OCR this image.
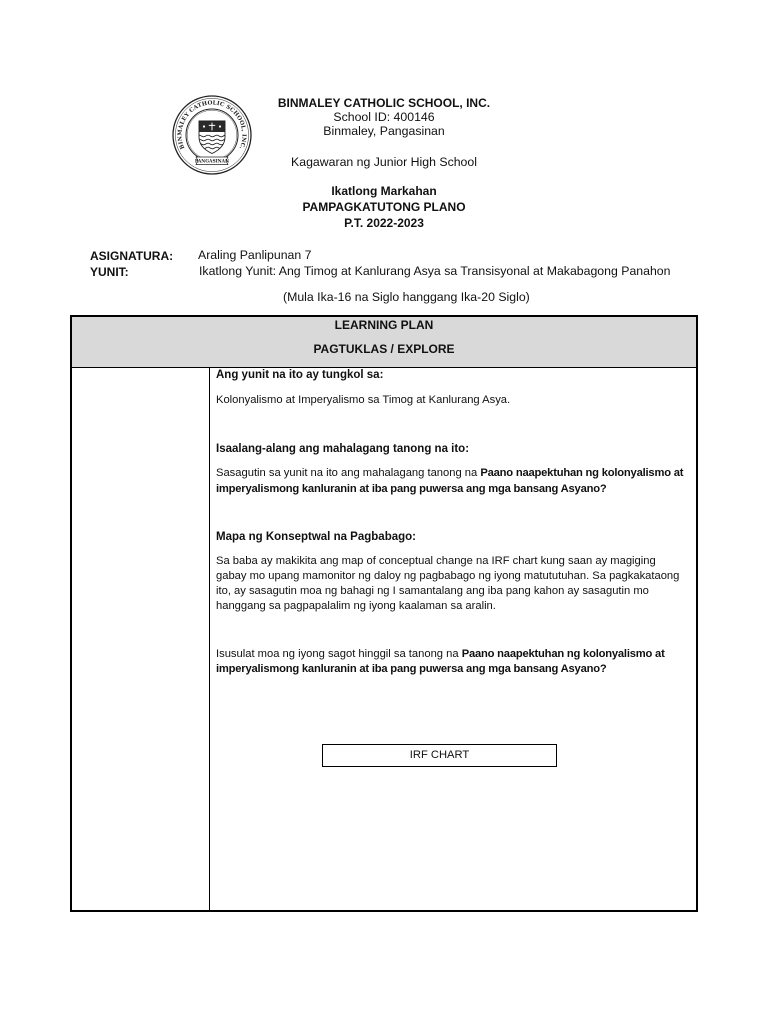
BINMALEY CATHOLIC SCHOOL, INC.
PANGASINAN
BINMALEY CATHOLIC SCHOOL, INC.
School ID: 400146
Binmaley, Pangasinan
Kagawaran ng Junior High School
Ikatlong Markahan
PAMPAGKATUTONG PLANO
P.T. 2022-2023
ASIGNATURA: Araling Panlipunan 7
YUNIT:	Ikatlong Yunit: Ang Timog at Kanlurang Asya sa Transisyonal at Makabagong Panahon
(Mula Ika-16 na Siglo hanggang Ika-20 Siglo)
LEARNING PLAN
PAGTUKLAS / EXPLORE
Ang yunit na ito ay tungkol sa:
Kolonyalismo at Imperyalismo sa Timog at Kanlurang Asya.
Isaalang-alang ang mahalagang tanong na ito:
Sasagutin sa yunit na ito ang mahalagang tanong na Paano naapektuhan ng kolonyalismo at imperyalismong kanluranin at iba pang puwersa ang mga bansang Asyano?
Mapa ng Konseptwal na Pagbabago:
Sa baba ay makikita ang map of conceptual change na IRF chart kung saan ay magiging gabay mo upang mamonitor ng daloy ng pagbabago ng iyong matututuhan. Sa pagkakataong ito, ay sasagutin moa ng bahagi ng I samantalang ang iba pang kahon ay sasagutin mo hanggang sa pagpapalalim ng iyong kaalaman sa aralin.
Isusulat moa ng iyong sagot hinggil sa tanong na Paano naapektuhan ng kolonyalismo at imperyalismong kanluranin at iba pang puwersa ang mga bansang Asyano?
IRF CHART
